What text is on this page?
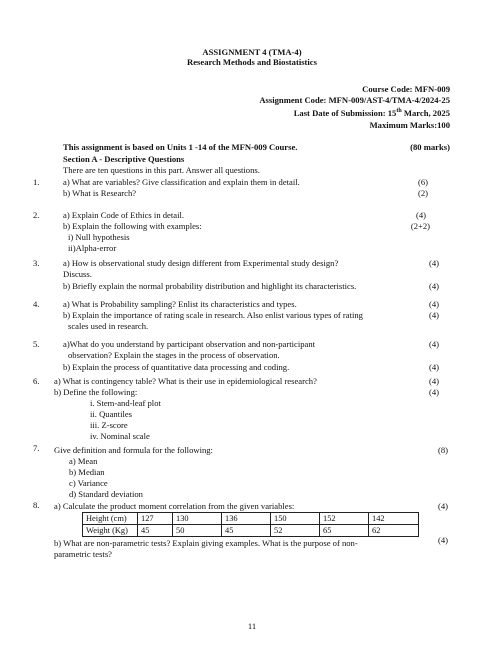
ASSIGNMENT 4 (TMA-4)
Research Methods and Biostatistics
Course Code: MFN-009
Assignment Code: MFN-009/AST-4/TMA-4/2024-25
Last Date of Submission: 15th March, 2025
Maximum Marks:100
This assignment is based on Units 1 -14 of the MFN-009 Course.	(80 marks)
Section A - Descriptive Questions
There are ten questions in this part. Answer all questions.
1.	a) What are variables? Give classification and explain them in detail.	(6)
b) What is Research?	(2)
2.	a) Explain Code of Ethics in detail.	(4)
b) Explain the following with examples:	(2+2)
i) Null hypothesis
ii)Alpha-error
3.	a) How is observational study design different from Experimental study design?	(4)
Discuss.
b) Briefly explain the normal probability distribution and highlight its characteristics.	(4)
4.	a) What is Probability sampling? Enlist its characteristics and types.	(4)
b) Explain the importance of rating scale in research. Also enlist various types of rating	(4)
scales used in research.
5.	a)What do you understand by participant observation and non-participant	(4)
observation? Explain the stages in the process of observation.
b) Explain the process of quantitative data processing and coding.	(4)
6. a) What is contingency table? What is their use in epidemiological research?	(4)
b) Define the following:	(4)
i. Stem-and-leaf plot
ii. Quantiles
iii. Z-score
iv. Nominal scale
7. Give definition and formula for the following:	(8)
a) Mean
b) Median
c) Variance
d) Standard deviation
8. a) Calculate the product moment correlation from the given variables:	(4)
Height (cm)	127	130	136	150	152	142
Weight (Kg)	45	50	45	52	65	62
b) What are non-parametric tests? Explain giving examples. What is the purpose of non-	(4)
parametric tests?
11
